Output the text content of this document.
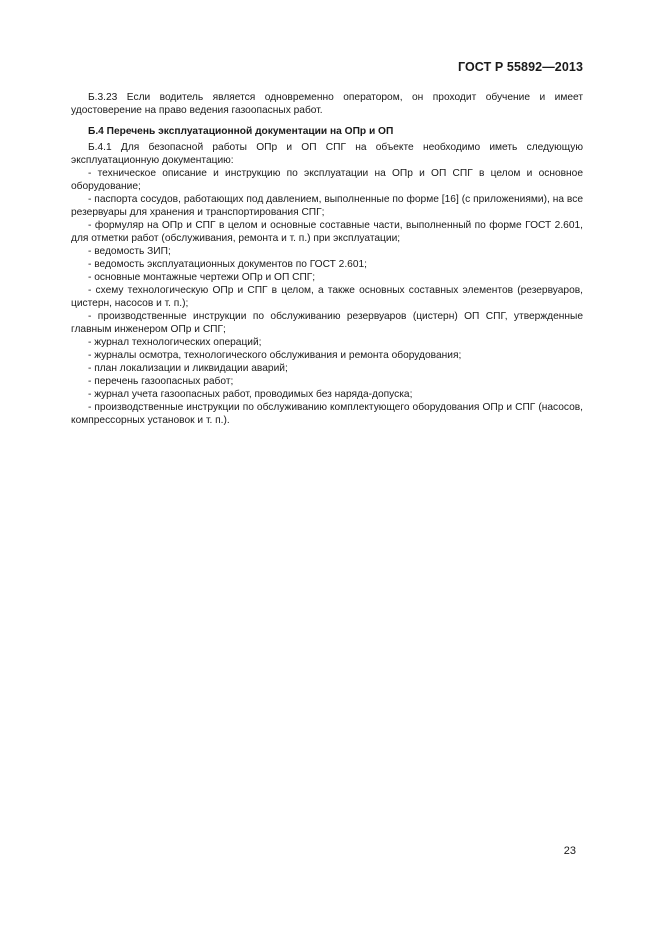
ГОСТ Р 55892—2013

Б.3.23 Если водитель является одновременно оператором, он проходит обучение и имеет удостоверение на право ведения газоопасных работ.

Б.4 Перечень эксплуатационной документации на ОПр и ОП

Б.4.1 Для безопасной работы ОПр и ОП СПГ на объекте необходимо иметь следующую эксплуатационную документацию:

- техническое описание и инструкцию по эксплуатации на ОПр и ОП СПГ в целом и основное оборудование;

- паспорта сосудов, работающих под давлением, выполненные по форме [16] (с приложениями), на все резервуары для хранения и транспортирования СПГ;

- формуляр на ОПр и СПГ в целом и основные составные части, выполненный по форме ГОСТ 2.601, для отметки работ (обслуживания, ремонта и т. п.) при эксплуатации;

- ведомость ЗИП;

- ведомость эксплуатационных документов по ГОСТ 2.601;

- основные монтажные чертежи ОПр и ОП СПГ;

- схему технологическую ОПр и СПГ в целом, а также основных составных элементов (резервуаров, цистерн, насосов и т. п.);

- производственные инструкции по обслуживанию резервуаров (цистерн) ОП СПГ, утвержденные главным инженером ОПр и СПГ;

- журнал технологических операций;

- журналы осмотра, технологического обслуживания и ремонта оборудования;

- план локализации и ликвидации аварий;

- перечень газоопасных работ;

- журнал учета газоопасных работ, проводимых без наряда-допуска;

- производственные инструкции по обслуживанию комплектующего оборудования ОПр и СПГ (насосов, компрессорных установок и т. п.).

23
